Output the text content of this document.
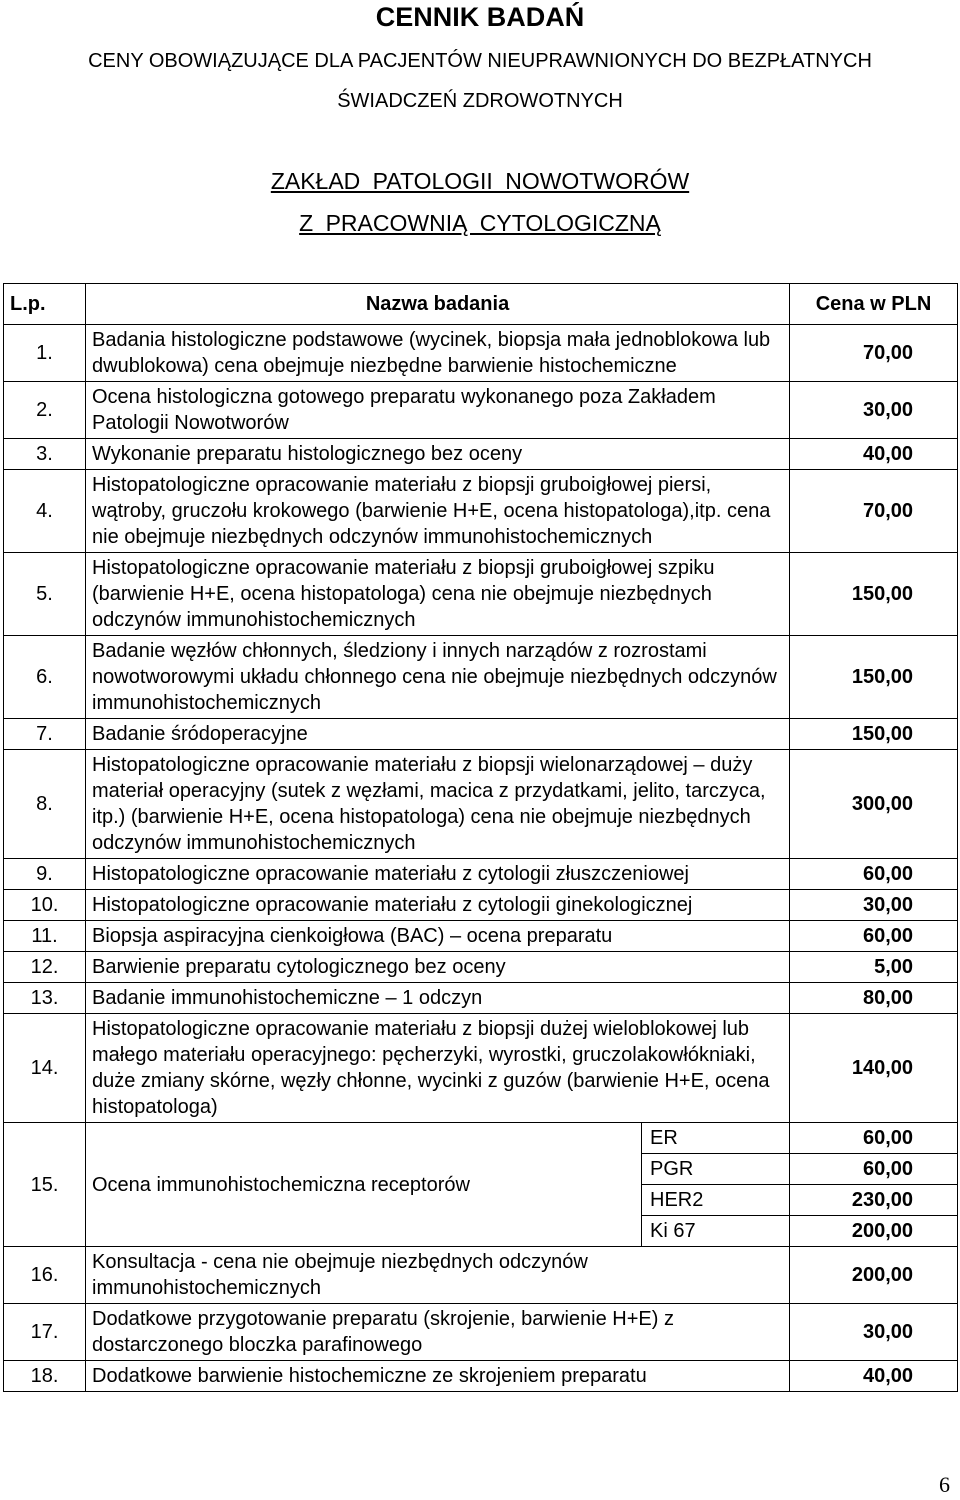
CENNIK BADAŃ
CENY OBOWIĄZUJĄCE DLA PACJENTÓW NIEUPRAWNIONYCH DO BEZPŁATNYCH
ŚWIADCZEŃ ZDROWOTNYCH
ZAKŁAD PATOLOGII NOWOTWORÓW
Z PRACOWNIĄ CYTOLOGICZNĄ
L.p.	Nazwa badania		Cena w PLN
1.	Badania histologiczne podstawowe (wycinek, biopsja mała jednoblokowa lub dwublokowa) cena obejmuje niezbędne barwienie histochemiczne		70,00
2.	Ocena histologiczna gotowego preparatu wykonanego poza Zakładem Patologii Nowotworów		30,00
3.	Wykonanie preparatu histologicznego bez oceny		40,00
4.	Histopatologiczne opracowanie materiału z biopsji gruboigłowej piersi, wątroby, gruczołu krokowego (barwienie H+E, ocena histopatologa),itp. cena nie obejmuje niezbędnych odczynów immunohistochemicznych		70,00
5.	Histopatologiczne opracowanie materiału z biopsji gruboigłowej szpiku (barwienie H+E, ocena histopatologa) cena nie obejmuje niezbędnych odczynów immunohistochemicznych		150,00
6.	Badanie węzłów chłonnych, śledziony i innych narządów z rozrostami nowotworowymi układu chłonnego cena nie obejmuje niezbędnych odczynów immunohistochemicznych		150,00
7.	Badanie śródoperacyjne		150,00
8.	Histopatologiczne opracowanie materiału z biopsji wielonarządowej – duży materiał operacyjny (sutek z węzłami, macica z przydatkami, jelito, tarczyca, itp.) (barwienie H+E, ocena histopatologa) cena nie obejmuje niezbędnych odczynów immunohistochemicznych		300,00
9.	Histopatologiczne opracowanie materiału z cytologii złuszczeniowej		60,00
10.	Histopatologiczne opracowanie materiału z cytologii ginekologicznej		30,00
11.	Biopsja aspiracyjna cienkoigłowa (BAC) – ocena preparatu		60,00
12.	Barwienie preparatu cytologicznego bez oceny		5,00
13.	Badanie immunohistochemiczne – 1 odczyn		80,00
14.	Histopatologiczne opracowanie materiału z biopsji dużej wieloblokowej lub małego materiału operacyjnego: pęcherzyki, wyrostki, gruczolakowłókniaki, duże zmiany skórne, węzły chłonne, wycinki z guzów (barwienie H+E, ocena histopatologa)		140,00
15.	Ocena immunohistochemiczna receptorów	ER	60,00
		PGR	60,00
		HER2	230,00
		Ki 67	200,00
16.	Konsultacja - cena nie obejmuje niezbędnych odczynów immunohistochemicznych		200,00
17.	Dodatkowe przygotowanie preparatu (skrojenie, barwienie H+E) z dostarczonego bloczka parafinowego		30,00
18.	Dodatkowe barwienie histochemiczne ze skrojeniem preparatu		40,00
6
